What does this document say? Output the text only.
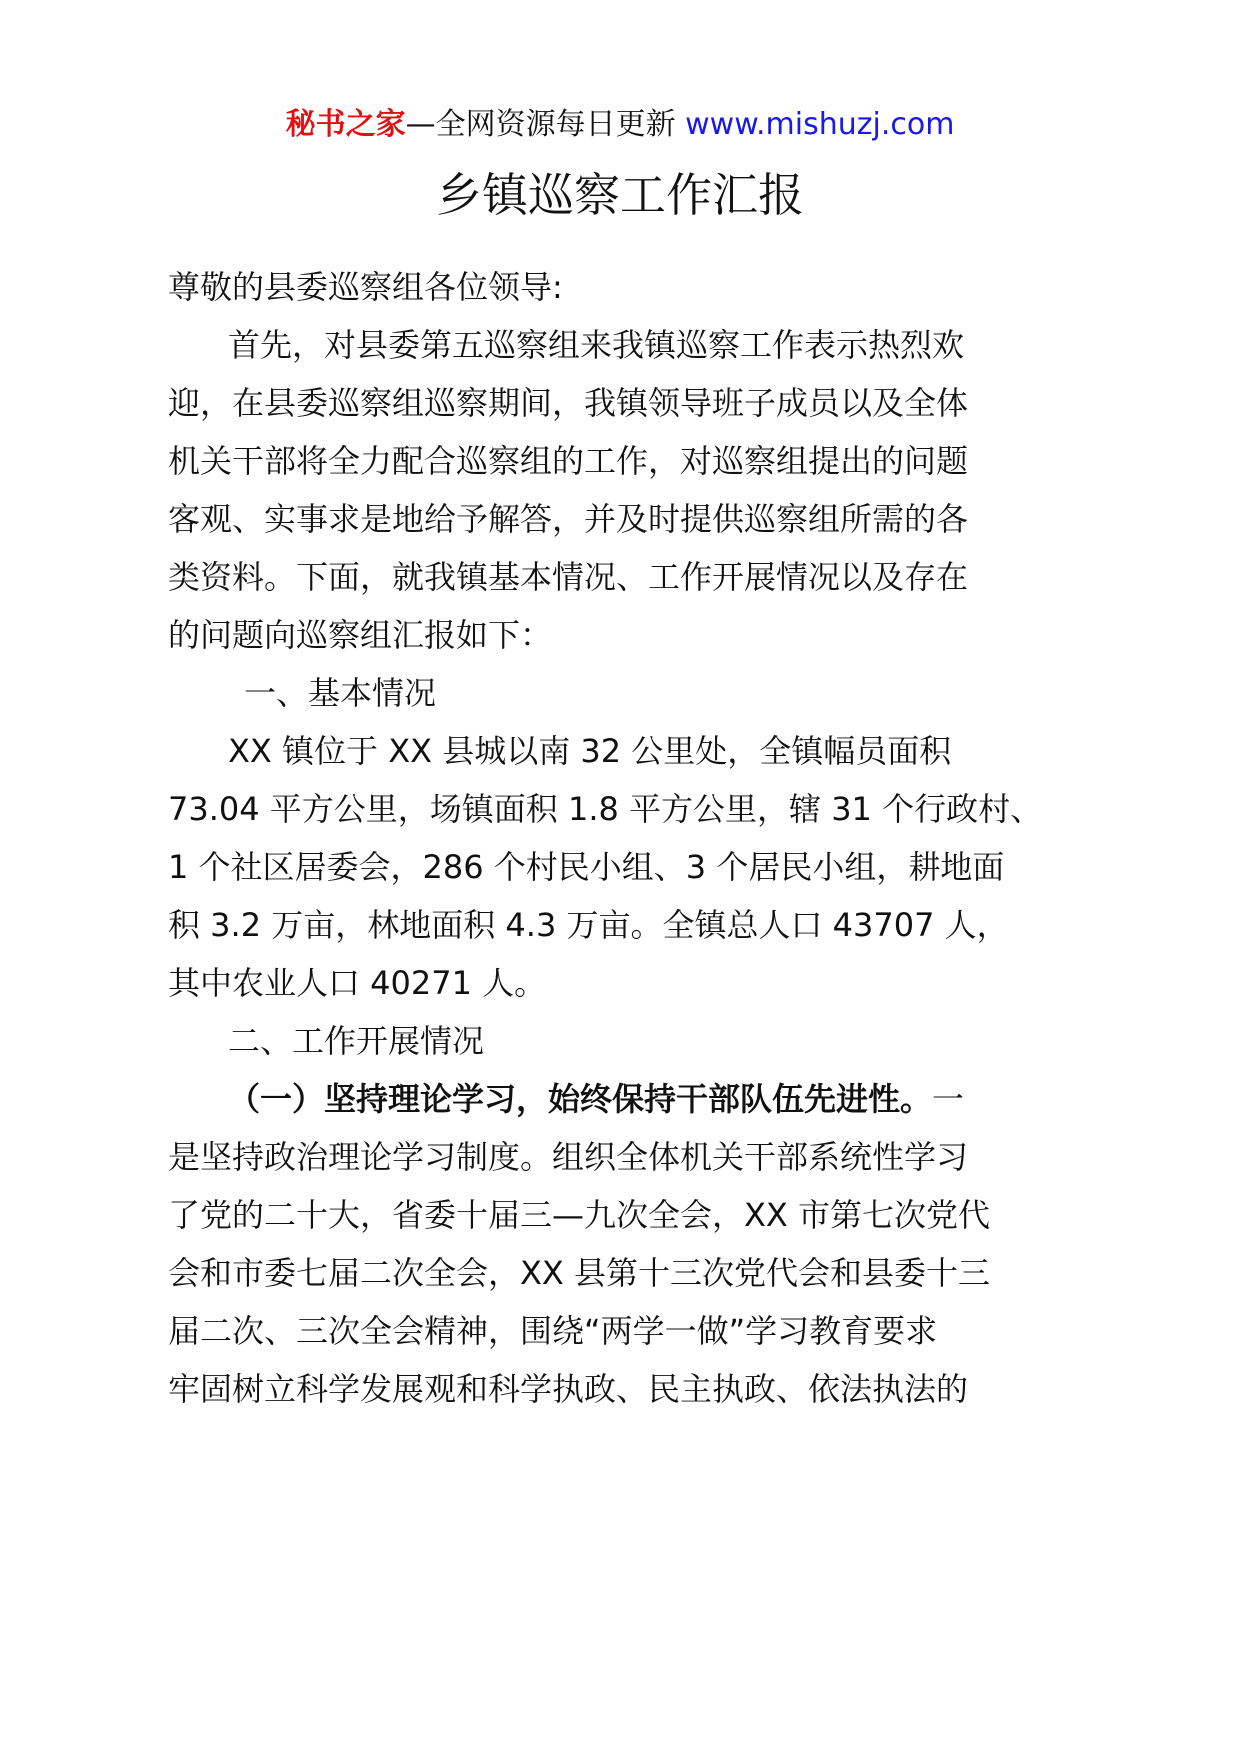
秘书之家—全网资源每日更新 www.mishuzj.com
乡镇巡察工作汇报
尊敬的县委巡察组各位领导:
首先，对县委第五巡察组来我镇巡察工作表示热烈欢
迎，在县委巡察组巡察期间，我镇领导班子成员以及全体
机关干部将全力配合巡察组的工作，对巡察组提出的问题
客观、实事求是地给予解答，并及时提供巡察组所需的各
类资料。下面，就我镇基本情况、工作开展情况以及存在
的问题向巡察组汇报如下：
一、基本情况
XX 镇位于 XX 县城以南 32 公里处，全镇幅员面积
73.04 平方公里，场镇面积 1.8 平方公里，辖 31 个行政村、
1 个社区居委会，286 个村民小组、3 个居民小组，耕地面
积 3.2 万亩，林地面积 4.3 万亩。全镇总人口 43707 人，
其中农业人口 40271 人。
二、工作开展情况
（一）坚持理论学习，始终保持干部队伍先进性。一
是坚持政治理论学习制度。组织全体机关干部系统性学习
了党的二十大，省委十届三—九次全会，XX 市第七次党代
会和市委七届二次全会，XX 县第十三次党代会和县委十三
届二次、三次全会精神，围绕“两学一做”学习教育要求
牢固树立科学发展观和科学执政、民主执政、依法执法的
